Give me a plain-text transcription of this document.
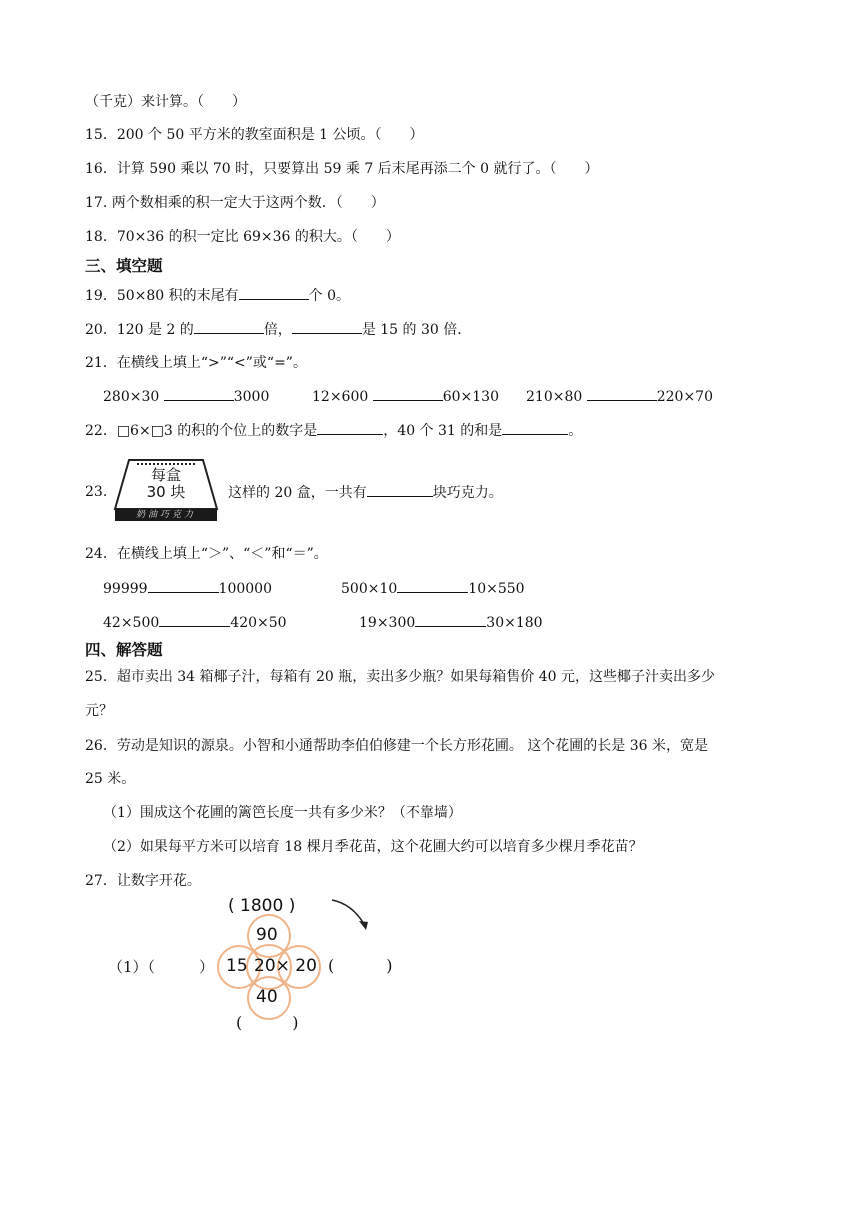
（千克）来计算。（　　）
15．200 个 50 平方米的教室面积是 1 公顷。（　　）
16．计算 590 乘以 70 时，只要算出 59 乘 7 后末尾再添二个 0 就行了。（　　）
17. 两个数相乘的积一定大于这两个数．（　　）
18．70×36 的积一定比 69×36 的积大。（　　）
三、填空题
19．50×80 积的末尾有	个 0。
20．120 是 2 的	倍，	是 15 的 30 倍．
21．在横线上填上“>”“<”或“=”。
280×30	3000	12×600	60×130 210×80	220×70
22．□6×□3 的积的个位上的数字是	，40 个 31 的和是	。
23.
每盒
30 块
奶油巧克力
这样的 20 盒，一共有	块巧克力。
24．在横线上填上“＞”、“＜”和“＝”。
99999	100000	500×10	10×550
42×500	420×50	19×300	30×180
四、解答题
25．超市卖出 34 箱椰子汁，每箱有 20 瓶，卖出多少瓶？如果每箱售价 40 元，这些椰子汁卖出多少
元？
26．劳动是知识的源泉。小智和小通帮助李伯伯修建一个长方形花圃。 这个花圃的长是 36 米，宽是
25 米。
（1）围成这个花圃的篱笆长度一共有多少米？（不靠墙）
（2）如果每平方米可以培育 18 棵月季花苗，这个花圃大约可以培育多少棵月季花苗？
27．让数字开花。
( 1800 )
90
（1）（	） 15 20× 20 (	)
40
(	)
